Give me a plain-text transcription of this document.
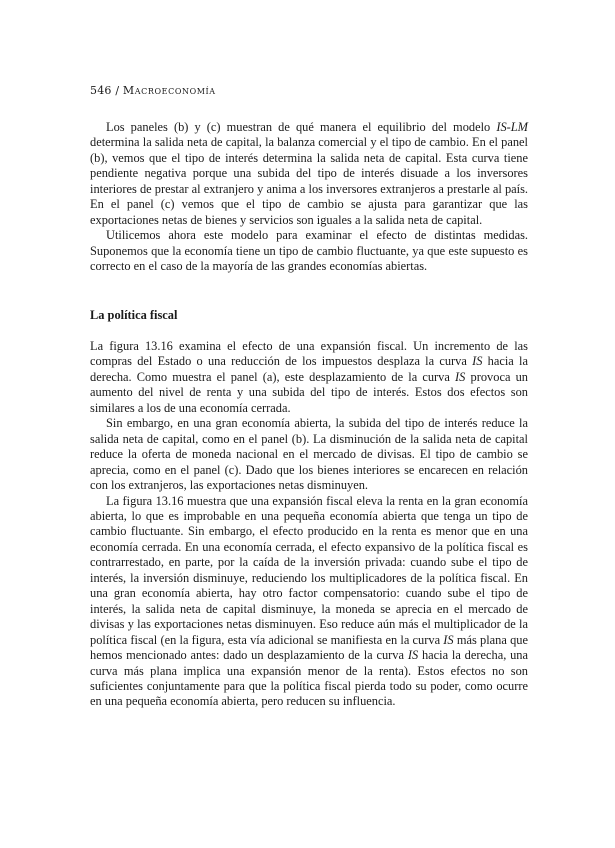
546 / Macroeconomía

Los paneles (b) y (c) muestran de qué manera el equilibrio del modelo IS-LM determina la salida neta de capital, la balanza comercial y el tipo de cambio. En el panel (b), vemos que el tipo de interés determina la salida neta de capital. Esta curva tiene pendiente negativa porque una subida del tipo de interés disuade a los inversores interiores de prestar al extranjero y anima a los inversores extranjeros a prestarle al país. En el panel (c) vemos que el tipo de cambio se ajusta para garantizar que las exportaciones netas de bienes y servicios son iguales a la salida neta de capital.

Utilicemos ahora este modelo para examinar el efecto de distintas medidas. Suponemos que la economía tiene un tipo de cambio fluctuante, ya que este supuesto es correcto en el caso de la mayoría de las grandes economías abiertas.

La política fiscal

La figura 13.16 examina el efecto de una expansión fiscal. Un incremento de las compras del Estado o una reducción de los impuestos desplaza la curva IS hacia la derecha. Como muestra el panel (a), este desplazamiento de la curva IS provoca un aumento del nivel de renta y una subida del tipo de interés. Estos dos efectos son similares a los de una economía cerrada.

Sin embargo, en una gran economía abierta, la subida del tipo de interés reduce la salida neta de capital, como en el panel (b). La disminución de la salida neta de capital reduce la oferta de moneda nacional en el mercado de divisas. El tipo de cambio se aprecia, como en el panel (c). Dado que los bienes interiores se encarecen en relación con los extranjeros, las exportaciones netas disminuyen.

La figura 13.16 muestra que una expansión fiscal eleva la renta en la gran economía abierta, lo que es improbable en una pequeña economía abierta que tenga un tipo de cambio fluctuante. Sin embargo, el efecto producido en la renta es menor que en una economía cerrada. En una economía cerrada, el efecto expansivo de la política fiscal es contrarrestado, en parte, por la caída de la inversión privada: cuando sube el tipo de interés, la inversión disminuye, reduciendo los multiplicadores de la política fiscal. En una gran economía abierta, hay otro factor compensatorio: cuando sube el tipo de interés, la salida neta de capital disminuye, la moneda se aprecia en el mercado de divisas y las exportaciones netas disminuyen. Eso reduce aún más el multiplicador de la política fiscal (en la figura, esta vía adicional se manifiesta en la curva IS más plana que hemos mencionado antes: dado un desplazamiento de la curva IS hacia la derecha, una curva más plana implica una expansión menor de la renta). Estos efectos no son suficientes conjuntamente para que la política fiscal pierda todo su poder, como ocurre en una pequeña economía abierta, pero reducen su influencia.
